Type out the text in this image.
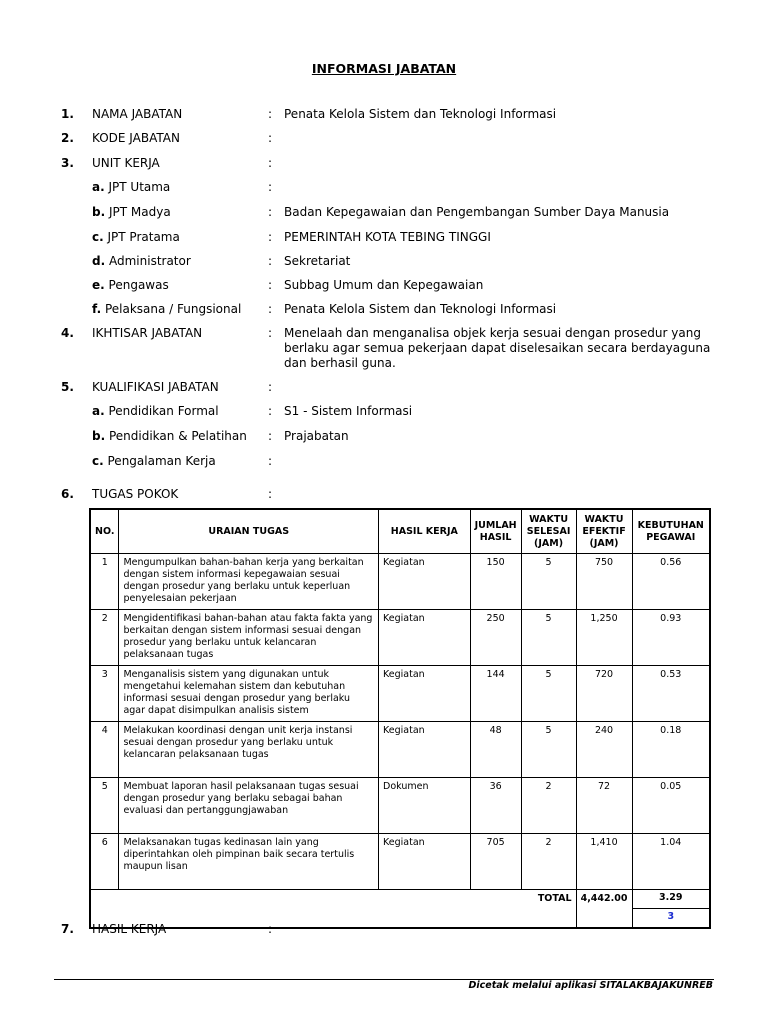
INFORMASI JABATAN
1. NAMA JABATAN	: Penata Kelola Sistem dan Teknologi Informasi
2. KODE JABATAN	:
3. UNIT KERJA	:
a. JPT Utama	:
b. JPT Madya	: Badan Kepegawaian dan Pengembangan Sumber Daya Manusia
c. JPT Pratama	: PEMERINTAH KOTA TEBING TINGGI
d. Administrator	: Sekretariat
e. Pengawas	: Subbag Umum dan Kepegawaian
f. Pelaksana / Fungsional : Penata Kelola Sistem dan Teknologi Informasi
4. IKHTISAR JABATAN	: Menelaah dan menganalisa objek kerja sesuai dengan prosedur yang berlaku agar semua pekerjaan dapat diselesaikan secara berdayaguna dan berhasil guna.
5. KUALIFIKASI JABATAN	:
a. Pendidikan Formal	: S1 - Sistem Informasi
b. Pendidikan & Pelatihan : Prajabatan
c. Pengalaman Kerja	:
6. TUGAS POKOK	:
NO.	URAIAN TUGAS	HASIL KERJA	JUMLAH HASIL	WAKTU SELESAI (JAM)	WAKTU EFEKTIF (JAM)	KEBUTUHAN PEGAWAI
1	Mengumpulkan bahan-bahan kerja yang berkaitan dengan sistem informasi kepegawaian sesuai dengan prosedur yang berlaku untuk keperluan penyelesaian pekerjaan	Kegiatan	150	5	750	0.56
2	Mengidentifikasi bahan-bahan atau fakta fakta yang berkaitan dengan sistem informasi sesuai dengan prosedur yang berlaku untuk kelancaran pelaksanaan tugas	Kegiatan	250	5	1,250	0.93
3	Menganalisis sistem yang digunakan untuk mengetahui kelemahan sistem dan kebutuhan informasi sesuai dengan prosedur yang berlaku agar dapat disimpulkan analisis sistem	Kegiatan	144	5	720	0.53
4	Melakukan koordinasi dengan unit kerja instansi sesuai dengan prosedur yang berlaku untuk kelancaran pelaksanaan tugas	Kegiatan	48	5	240	0.18
5	Membuat laporan hasil pelaksanaan tugas sesuai dengan prosedur yang berlaku sebagai bahan evaluasi dan pertanggungjawaban	Dokumen	36	2	72	0.05
6	Melaksanakan tugas kedinasan lain yang diperintahkan oleh pimpinan baik secara tertulis maupun lisan	Kegiatan	705	2	1,410	1.04
TOTAL					4,442.00	3.29
						3
7. HASIL KERJA	:
Dicetak melalui aplikasi SITALAKBAJAKUNREB
